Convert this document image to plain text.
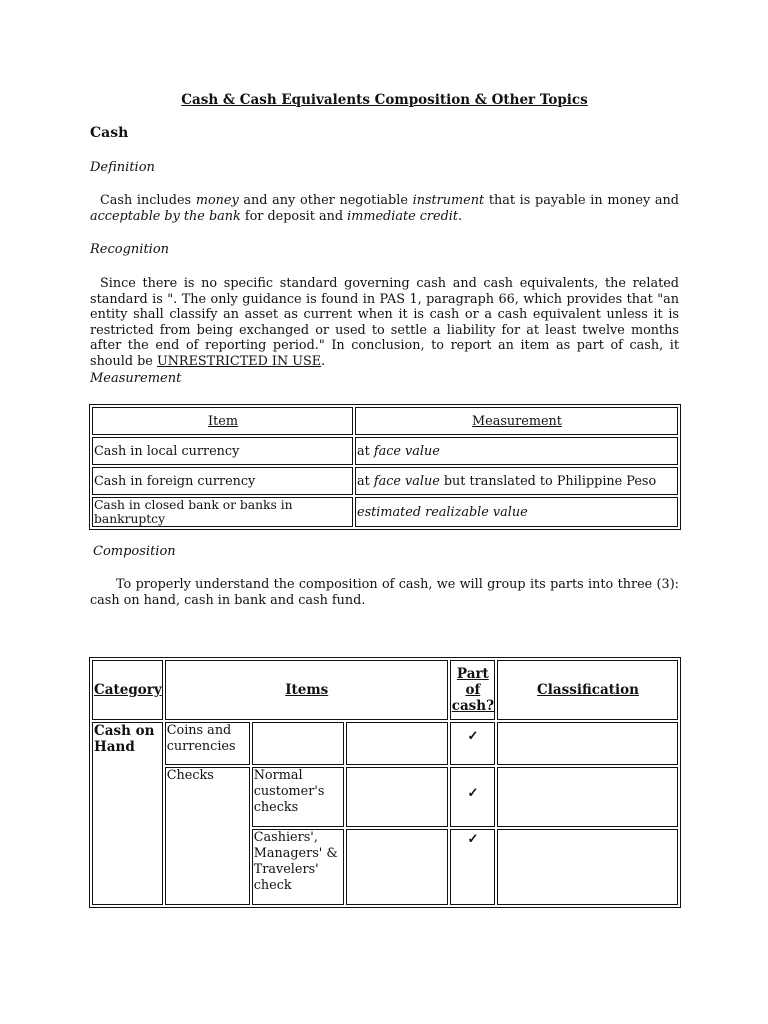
Cash & Cash Equivalents Composition & Other Topics
Cash
Definition
Cash includes money and any other negotiable instrument that is payable in money and acceptable by the bank for deposit and immediate credit.
Recognition
Since there is no specific standard governing cash and cash equivalents, the related standard is ". The only guidance is found in PAS 1, paragraph 66, which provides that "an entity shall classify an asset as current when it is cash or a cash equivalent unless it is restricted from being exchanged or used to settle a liability for at least twelve months after the end of reporting period." In conclusion, to report an item as part of cash, it should be UNRESTRICTED IN USE.
Measurement
Item	Measurement
Cash in local currency	at face value
Cash in foreign currency	at face value but translated to Philippine Peso
Cash in closed bank or banks in bankruptcy	estimated realizable value
Composition
To properly understand the composition of cash, we will group its parts into three (3): cash on hand, cash in bank and cash fund.
Category	Items			Part of cash?	Classification
Cash on Hand	Coins and currencies			✓	
	Checks	Normal customer's checks		✓	
		Cashiers', Managers' & Travelers' check		✓	
